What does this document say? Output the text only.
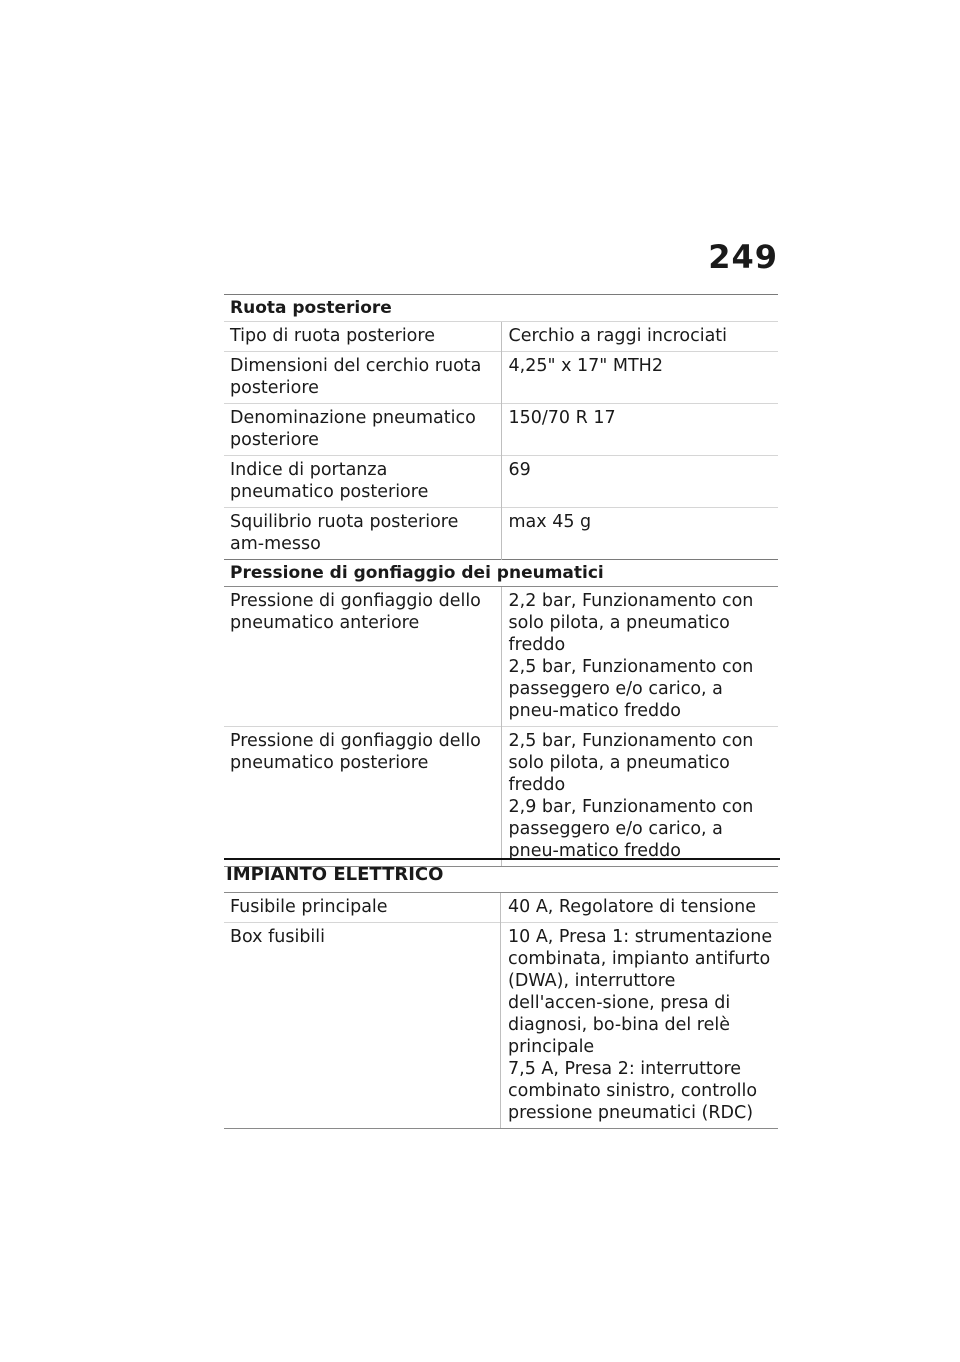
249
Ruota posteriore	
Tipo di ruota posteriore	Cerchio a raggi incrociati

Dimensioni del cerchio ruota posteriore	4,25" x 17" MTH2

Denominazione pneumatico posteriore	150/70 R 17

Indice di portanza pneumatico posteriore	69

Squilibrio ruota posteriore am-messo	max 45 g

Pressione di gonfiaggio dei pneumatici	
Pressione di gonfiaggio dello pneumatico anteriore	2,2 bar, Funzionamento con solo pilota, a pneumatico freddo
2,5 bar, Funzionamento con passeggero e/o carico, a pneu-matico freddo

Pressione di gonfiaggio dello pneumatico posteriore	2,5 bar, Funzionamento con solo pilota, a pneumatico freddo
2,9 bar, Funzionamento con passeggero e/o carico, a pneu-matico freddo
IMPIANTO ELETTRICO
Fusibile principale	40 A, Regolatore di tensione

Box fusibili	10 A, Presa 1: strumentazione combinata, impianto antifurto (DWA), interruttore dell'accen-sione, presa di diagnosi, bo-bina del relè principale
7,5 A, Presa 2: interruttore combinato sinistro, controllo pressione pneumatici (RDC)
